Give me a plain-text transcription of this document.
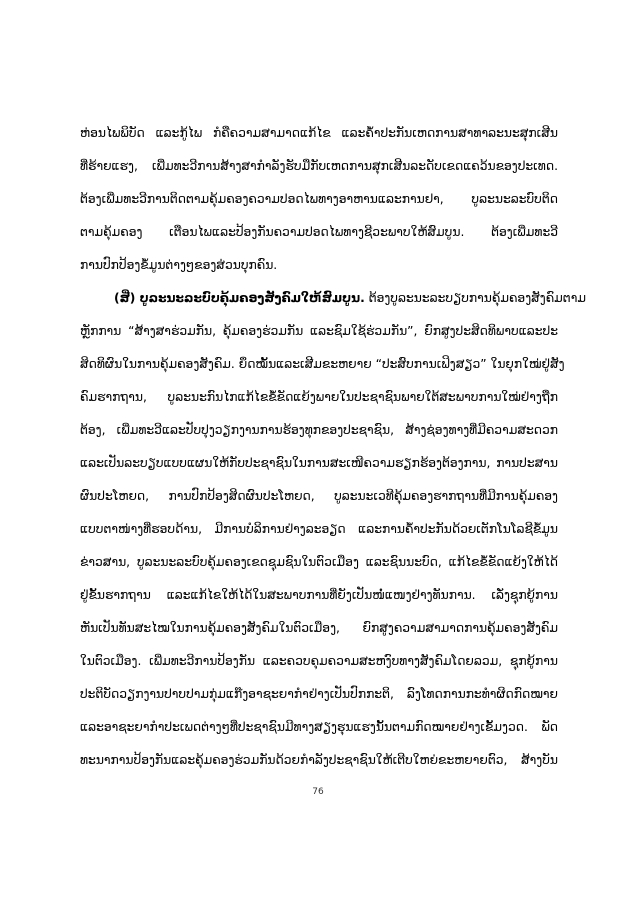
ຫ່ອນໄພພິບັດ ແລະ​ກູ້ໄພ ກໍຄືຄວາມສາມາດແກ້ໄຂ ແລະຄໍ້າປະກັນເຫດການສາທາລະນະສຸກເສີນ
ທີ່ຮ້າຍແຮງ, ເພີ່ມທະວີການສ້າງສາກໍາລັງຮັບມືກັບເຫດການສຸກເສີນລະດັບເຂດແຄວ້ນຂອງປະເທດ.
ຕ້ອງເພີ່ມທະວີການຕິດຕາມຄຸ້ມຄອງຄວາມປອດໄພທາງອາຫານແລະການຢາ, ບູລະນະລະບົບຕິດ
ຕາມຄຸ້ມຄອງ ເຕືອນໄພແລະປ້ອງກັນຄວາມປອດໄພທາງຊີວະພາບໃຫ້ສົມບູນ. ຕ້ອງເພີ່ມທະວີ
ການປົກປ້ອງຂໍ້ມູນຕ່າງໆຂອງສ່ວນບຸກຄົນ.
(ສີ່) ບູລະນະລະບົບຄຸ້ມຄອງສັງຄົມໃຫ້ສົມບູນ. ຕ້ອງບູລະນະລະບຽບການຄຸ້ມຄອງສັງຄົມຕາມ
ຫຼັກການ “ສ້າງສາຮ່ວມກັນ, ຄຸ້ມຄອງຮ່ວມກັນ ແລະຊົມໃຊ້ຮ່ວມກັນ”, ຍົກສູງປະສິດທິພາບແລະປະ
ສິດທິຜົນໃນການຄຸ້ມຄອງສັງຄົມ. ຍຶດໝັ້ນແລະເສີມຂະຫຍາຍ “ປະສົບການເຟິງສຽວ” ໃນຍຸກໃໝ່ຢູ່ສັງ
ຄົມຮາກຖານ, ບູລະນະກົນໄກແກ້ໄຂຂໍ້ຂັດແຍ້ງພາຍໃນປະຊາຊົນພາຍໃຕ້ສະພາບການໃໝ່ຢ່າງຖືກ
ຕ້ອງ, ເພີ່ມທະວີແລະປັບປຸງວຽກງານການຮ້ອງທຸກຂອງປະຊາຊົນ, ສ້າງຊ່ອງທາງທີ່ມີຄວາມສະດວກ
ແລະເປັນລະບຽບແບບແຜນໃຫ້ກັບປະຊາຊົນໃນການສະເໜີຄວາມຮຽກຮ້ອງຕ້ອງການ, ການປະສານ
ຜົນປະໂຫຍດ, ການປົກປ້ອງສິດຜົນປະໂຫຍດ, ບູລະນະເວທີຄຸ້ມຄອງຮາກຖານທີ່ມີການຄຸ້ມຄອງ
ແບບຕາໜ່າງທີ່ຮອບດ້ານ, ມີການບໍລິການຢ່າງລະອຽດ ແລະການຄໍ້າປະກັນດ້ວຍເຕັກໂນໂລຊີຂໍ້ມູນ
ຂ່າວສານ, ບູລະນະລະບົບຄຸ້ມຄອງເຂດຊຸມຊົນໃນຕົວເມືອງ ແລະຊົນນະບົດ, ແກ້ໄຂຂໍ້ຂັດແຍ້ງໃຫ້ໄດ້
ຢູ່ຂັ້ນຮາກຖານ ແລະແກ້ໄຂໃຫ້ໄດ້ໃນສະພາບການທີ່ຍັງເປັນໜໍ່ແໜງຢ່າງທັນການ. ເລັ່ງຊຸກຍູ້ການ
ຫັນເປັນທັນສະໄໝໃນການຄຸ້ມຄອງສັງຄົມໃນຕົວເມືອງ, ຍົກສູງຄວາມສາມາດການຄຸ້ມຄອງສັງຄົມ
ໃນຕົວເມືອງ. ເພີ່ມທະວີການປ້ອງກັນ ແລະຄວບຄຸມຄວາມສະຫງົບທາງສັງຄົມໂດຍລວມ, ຊຸກຍູ້ການ
ປະຕິບັດວຽກງານປາບປາມກຸ່ມແກ໊ງອາຊະຍາກໍາຢ່າງເປັນປົກກະຕິ, ລົງໂທດການກະທໍາຜິດກົດໝາຍ
ແລະອາຊະຍາກໍາປະເພດຕ່າງໆທີ່ປະຊາຊົນມີທາງສຽງຮຸນແຮງນັ້ນຕາມກົດໝາຍຢ່າງເຂັ້ມງວດ. ພັດ
ທະນາການປ້ອງກັນແລະຄຸ້ມຄອງຮ່ວມກັນດ້ວຍກໍາລັງປະຊາຊົນໃຫ້ເຕີບໃຫຍ່ຂະຫຍາຍຕົວ, ສ້າງບັນ
76
